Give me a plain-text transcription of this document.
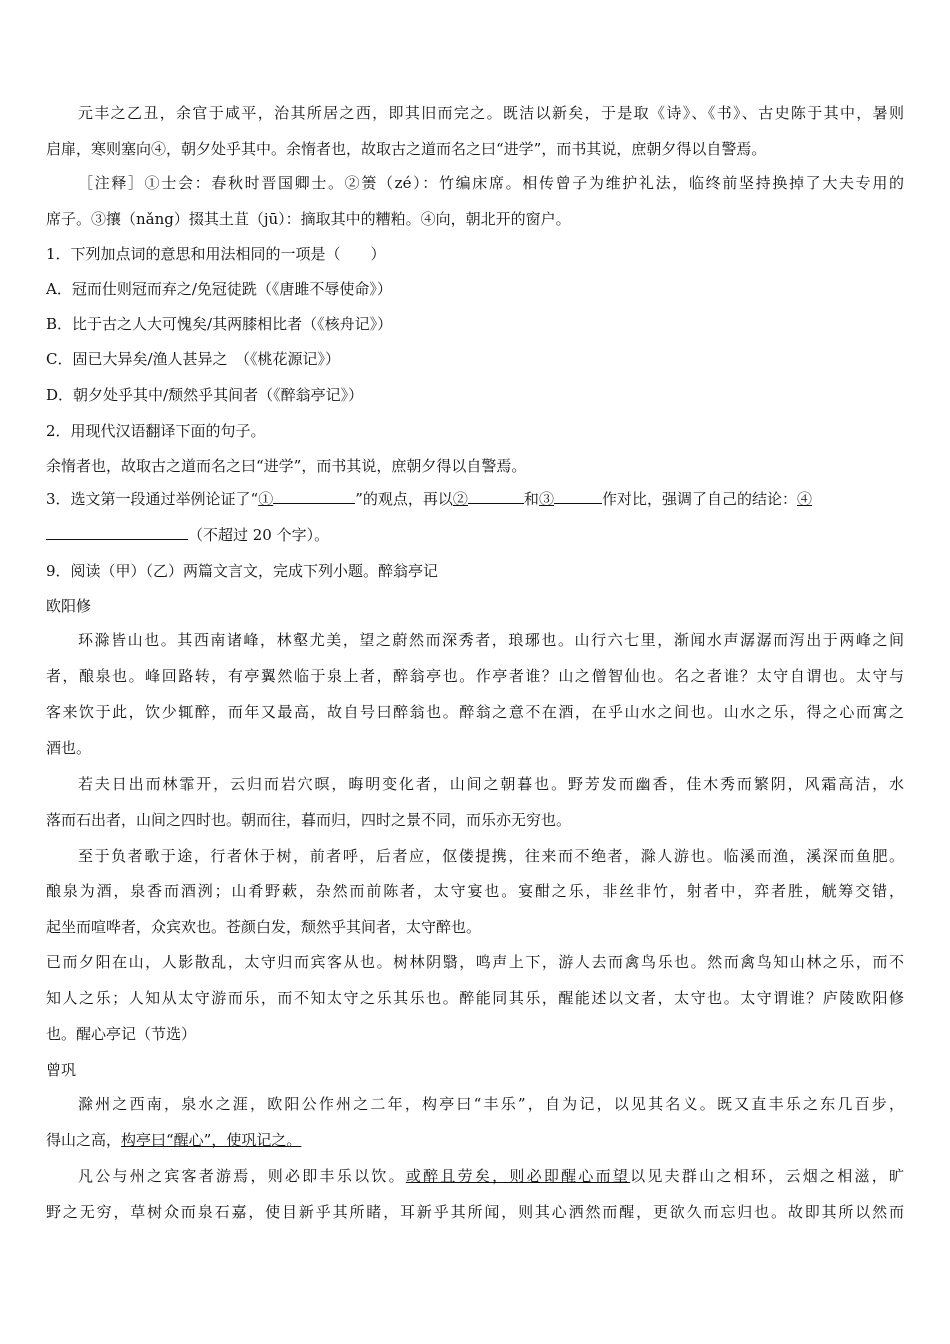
元丰之乙丑，余官于咸平，治其所居之西，即其旧而完之。既洁以新矣，于是取《诗》、《书》、古史陈于其中，暑则
启扉，寒则塞向④，朝夕处乎其中。余惰者也，故取古之道而名之曰“进学”，而书其说，庶朝夕得以自警焉。
［注释］①士会：春秋时晋国卿士。②箦（zé）：竹编床席。相传曾子为维护礼法，临终前坚持换掉了大夫专用的
席子。③攘（nǎng）掇其土苴（jū）：摘取其中的糟粕。④向，朝北开的窗户。
1．下列加点词的意思和用法相同的一项是（　　）
A．冠而仕则冠而弃之/免冠徒跣（《唐雎不辱使命》）
B．比于古之人大可愧矣/其两膝相比者（《核舟记》）
C．固已大异矣/渔人甚异之　（《桃花源记》）
D．朝夕处乎其中/颓然乎其间者（《醉翁亭记》）
2．用现代汉语翻译下面的句子。
余惰者也，故取古之道而名之曰“进学”，而书其说，庶朝夕得以自警焉。
3．选文第一段通过举例论证了“①	”的观点，再以②	和③	作对比，强调了自己的结论：④
（不超过 20 个字）。
9．阅读（甲）（乙）两篇文言文，完成下列小题。醉翁亭记
欧阳修
环滁皆山也。其西南诸峰，林壑尤美，望之蔚然而深秀者，琅琊也。山行六七里，渐闻水声潺潺而泻出于两峰之间
者，酿泉也。峰回路转，有亭翼然临于泉上者，醉翁亭也。作亭者谁？山之僧智仙也。名之者谁？太守自谓也。太守与
客来饮于此，饮少辄醉，而年又最高，故自号曰醉翁也。醉翁之意不在酒，在乎山水之间也。山水之乐，得之心而寓之
酒也。
若夫日出而林霏开，云归而岩穴暝，晦明变化者，山间之朝暮也。野芳发而幽香，佳木秀而繁阴，风霜高洁，水
落而石出者，山间之四时也。朝而往，暮而归，四时之景不同，而乐亦无穷也。
至于负者歌于途，行者休于树，前者呼，后者应，伛偻提携，往来而不绝者，滁人游也。临溪而渔，溪深而鱼肥。
酿泉为酒，泉香而酒洌；山肴野蔌，杂然而前陈者，太守宴也。宴酣之乐，非丝非竹，射者中，弈者胜，觥筹交错，
起坐而喧哗者，众宾欢也。苍颜白发，颓然乎其间者，太守醉也。
已而夕阳在山，人影散乱，太守归而宾客从也。树林阴翳，鸣声上下，游人去而禽鸟乐也。然而禽鸟知山林之乐，而不
知人之乐；人知从太守游而乐，而不知太守之乐其乐也。醉能同其乐，醒能述以文者，太守也。太守谓谁？庐陵欧阳修
也。醒心亭记（节选）
曾巩
滁州之西南，泉水之涯，欧阳公作州之二年，构亭曰“丰乐”，自为记，以见其名义。既又直丰乐之东几百步，
得山之高，构亭曰“醒心”，使巩记之。
凡公与州之宾客者游焉，则必即丰乐以饮。或醉且劳矣，则必即醒心而望以见夫群山之相环，云烟之相滋，旷
野之无穷，草树众而泉石嘉，使目新乎其所睹，耳新乎其所闻，则其心洒然而醒，更欲久而忘归也。故即其所以然而
